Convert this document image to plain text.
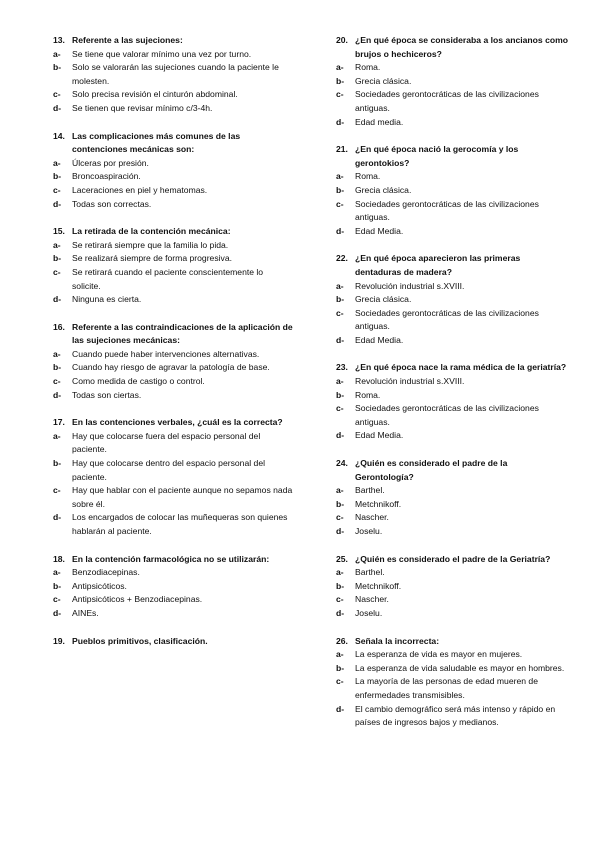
13. Referente a las sujeciones:
a-	Se tiene que valorar mínimo una vez por turno.
b-	Solo se valorarán las sujeciones cuando la paciente le molesten.
c-	Solo precisa revisión el cinturón abdominal.
d-	Se tienen que revisar mínimo c/3-4h.
14. Las complicaciones más comunes de las contenciones mecánicas son:
a-	Úlceras por presión.
b-	Broncoaspiración.
c-	Laceraciones en piel y hematomas.
d-	Todas son correctas.
15. La retirada de la contención mecánica:
a-	Se retirará siempre que la familia lo pida.
b-	Se realizará siempre de forma progresiva.
c-	Se retirará cuando el paciente conscientemente lo solicite.
d-	Ninguna es cierta.
16. Referente a las contraindicaciones de la aplicación de las sujeciones mecánicas:
a-	Cuando puede haber intervenciones alternativas.
b-	Cuando hay riesgo de agravar la patología de base.
c-	Como medida de castigo o control.
d-	Todas son ciertas.
17. En las contenciones verbales, ¿cuál es la correcta?
a-	Hay que colocarse fuera del espacio personal del paciente.
b-	Hay que colocarse dentro del espacio personal del paciente.
c-	Hay que hablar con el paciente aunque no sepamos nada sobre él.
d-	Los encargados de colocar las muñequeras son quienes hablarán al paciente.
18. En la contención farmacológica no se utilizarán:
a-	Benzodiacepinas.
b-	Antipsicóticos.
c-	Antipsicóticos + Benzodiacepinas.
d-	AINEs.
19. Pueblos primitivos, clasificación.
20. ¿En qué época se consideraba a los ancianos como brujos o hechiceros?
a-	Roma.
b-	Grecia clásica.
c-	Sociedades gerontocráticas de las civilizaciones antiguas.
d-	Edad media.
21. ¿En qué época nació la gerocomía y los gerontokios?
a-	Roma.
b-	Grecia clásica.
c-	Sociedades gerontocráticas de las civilizaciones antiguas.
d-	Edad Media.
22. ¿En qué época aparecieron las primeras dentaduras de madera?
a-	Revolución industrial s.XVIII.
b-	Grecia clásica.
c-	Sociedades gerontocráticas de las civilizaciones antiguas.
d-	Edad Media.
23. ¿En qué época nace la rama médica de la geriatría?
a-	Revolución industrial s.XVIII.
b-	Roma.
c-	Sociedades gerontocráticas de las civilizaciones antiguas.
d-	Edad Media.
24. ¿Quién es considerado el padre de la Gerontología?
a-	Barthel.
b-	Metchnikoff.
c-	Nascher.
d-	Joselu.
25. ¿Quién es considerado el padre de la Geriatría?
a-	Barthel.
b-	Metchnikoff.
c-	Nascher.
d-	Joselu.
26. Señala la incorrecta:
a-	La esperanza de vida es mayor en mujeres.
b-	La esperanza de vida saludable es mayor en hombres.
c-	La mayoría de las personas de edad mueren de enfermedades transmisibles.
d-	El cambio demográfico será más intenso y rápido en países de ingresos bajos y medianos.
